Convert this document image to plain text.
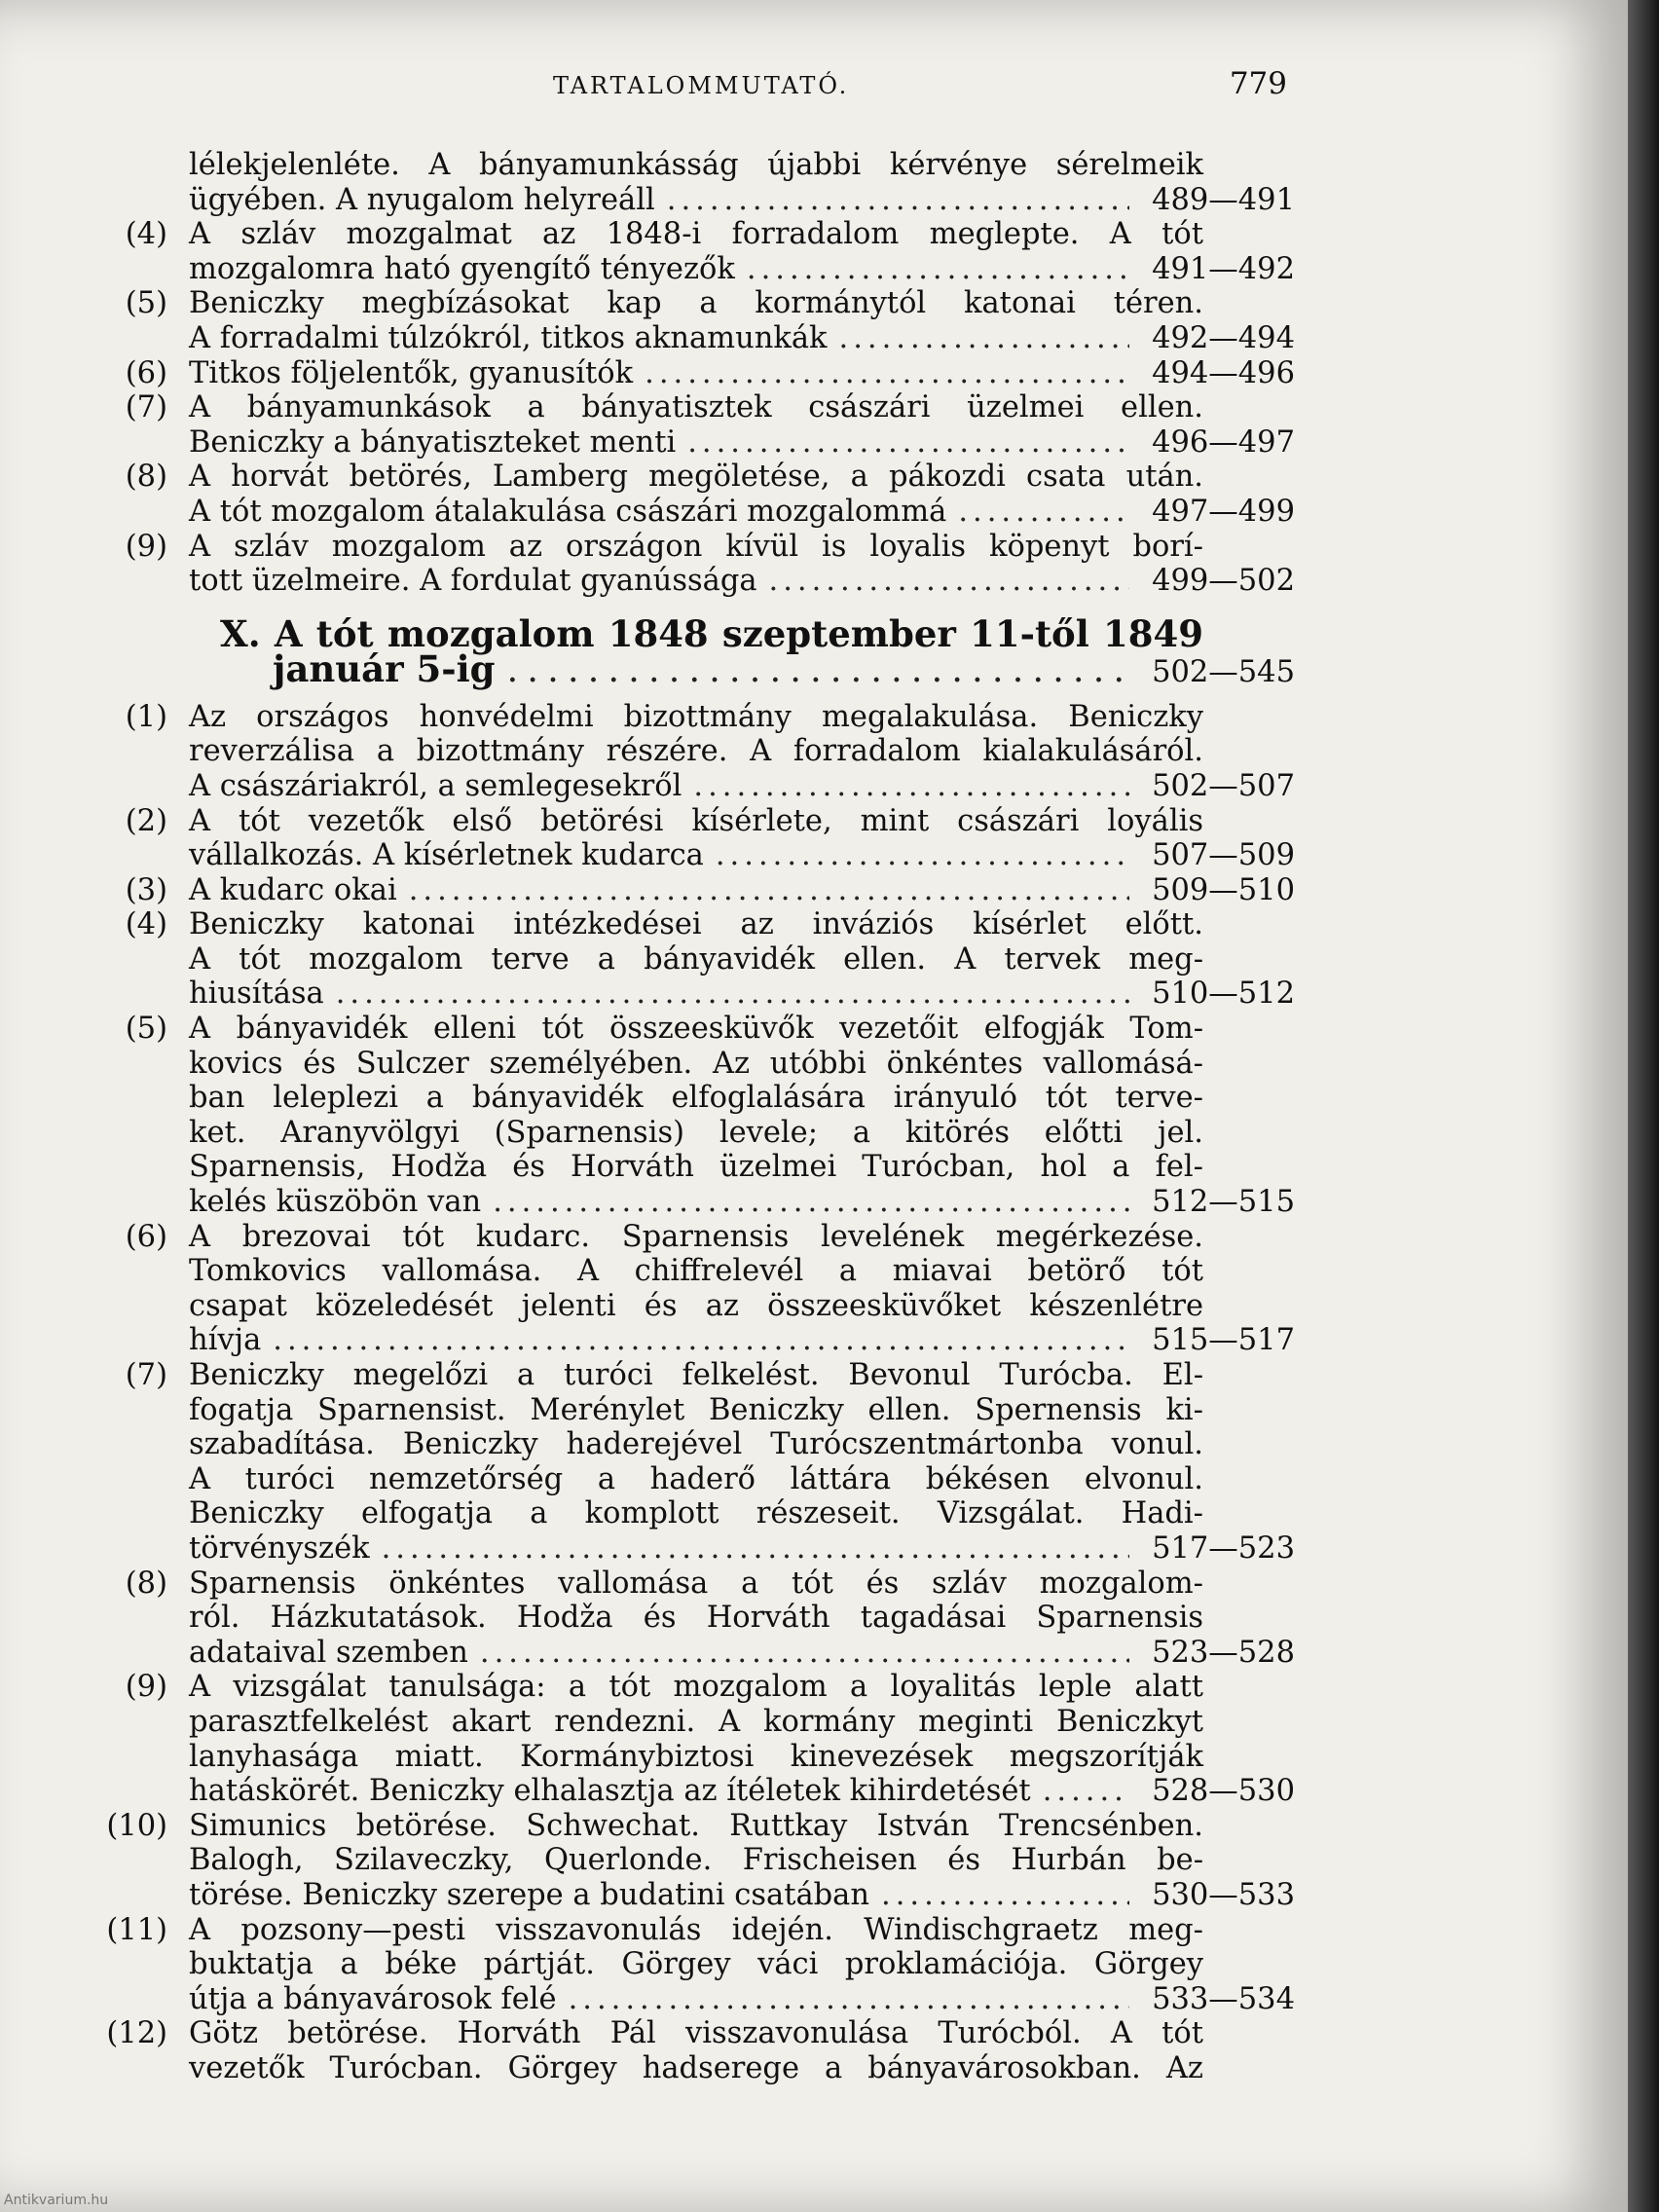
TARTALOMMUTATÓ.	779
lélekjelenléte. A bányamunkásság újabbi kérvénye sérelmeik
ügyében. A nyugalom helyreáll .....	489—491
(4) A szláv mozgalmat az 1848-i forradalom meglepte. A tót
mozgalomra ható gyengítő tényezők .....	491—492
(5) Beniczky megbízásokat kap a kormánytól katonai téren.
A forradalmi túlzókról, titkos aknamunkák .....	492—494
(6) Titkos följelentők, gyanusítók .....	494—496
(7) A bányamunkások a bányatisztek császári üzelmei ellen.
Beniczky a bányatiszteket menti .....	496—497
(8) A horvát betörés, Lamberg megöletése, a pákozdi csata után.
A tót mozgalom átalakulása császári mozgalommá .....	497—499
(9) A szláv mozgalom az országon kívül is loyalis köpenyt borí-
tott üzelmeire. A fordulat gyanússága .....	499—502
X. A tót mozgalom 1848 szeptember 11-től 1849
január 5-ig .....	502—545
(1) Az országos honvédelmi bizottmány megalakulása. Beniczky
reverzálisa a bizottmány részére. A forradalom kialakulásáról.
A császáriakról, a semlegesekről .....	502—507
(2) A tót vezetők első betörési kísérlete, mint császári loyális
vállalkozás. A kísérletnek kudarca .....	507—509
(3) A kudarc okai .....	509—510
(4) Beniczky katonai intézkedései az inváziós kísérlet előtt.
A tót mozgalom terve a bányavidék ellen. A tervek meg-
hiusítása .....	510—512
(5) A bányavidék elleni tót összeesküvők vezetőit elfogják Tom-
kovics és Sulczer személyében. Az utóbbi önkéntes vallomásá-
ban leleplezi a bányavidék elfoglalására irányuló tót terve-
ket. Aranyvölgyi (Sparnensis) levele; a kitörés előtti jel.
Sparnensis, Hodža és Horváth üzelmei Turócban, hol a fel-
kelés küszöbön van .....	512—515
(6) A brezovai tót kudarc. Sparnensis levelének megérkezése.
Tomkovics vallomása. A chiffrelevél a miavai betörő tót
csapat közeledését jelenti és az összeesküvőket készenlétre
hívja .....	515—517
(7) Beniczky megelőzi a turóci felkelést. Bevonul Turócba. El-
fogatja Sparnensist. Merénylet Beniczky ellen. Spernensis ki-
szabadítása. Beniczky haderejével Turócszentmártonba vonul.
A turóci nemzetőrség a haderő láttára békésen elvonul.
Beniczky elfogatja a komplott részeseit. Vizsgálat. Hadi-
törvényszék .....	517—523
(8) Sparnensis önkéntes vallomása a tót és szláv mozgalom-
ról. Házkutatások. Hodža és Horváth tagadásai Sparnensis
adataival szemben .....	523—528
(9) A vizsgálat tanulsága: a tót mozgalom a loyalitás leple alatt
parasztfelkelést akart rendezni. A kormány meginti Beniczkyt
lanyhasága miatt. Kormánybiztosi kinevezések megszorítják
hatáskörét. Beniczky elhalasztja az ítéletek kihirdetését .....	528—530
(10) Simunics betörése. Schwechat. Ruttkay István Trencsénben.
Balogh, Szilaveczky, Querlonde. Frischeisen és Hurbán be-
törése. Beniczky szerepe a budatini csatában .....	530—533
(11) A pozsony—pesti visszavonulás idején. Windischgraetz meg-
buktatja a béke pártját. Görgey váci proklamációja. Görgey
útja a bányavárosok felé .....	533—534
(12) Götz betörése. Horváth Pál visszavonulása Turócból. A tót
vezetők Turócban. Görgey hadserege a bányavárosokban. Az
Antikvarium.hu
